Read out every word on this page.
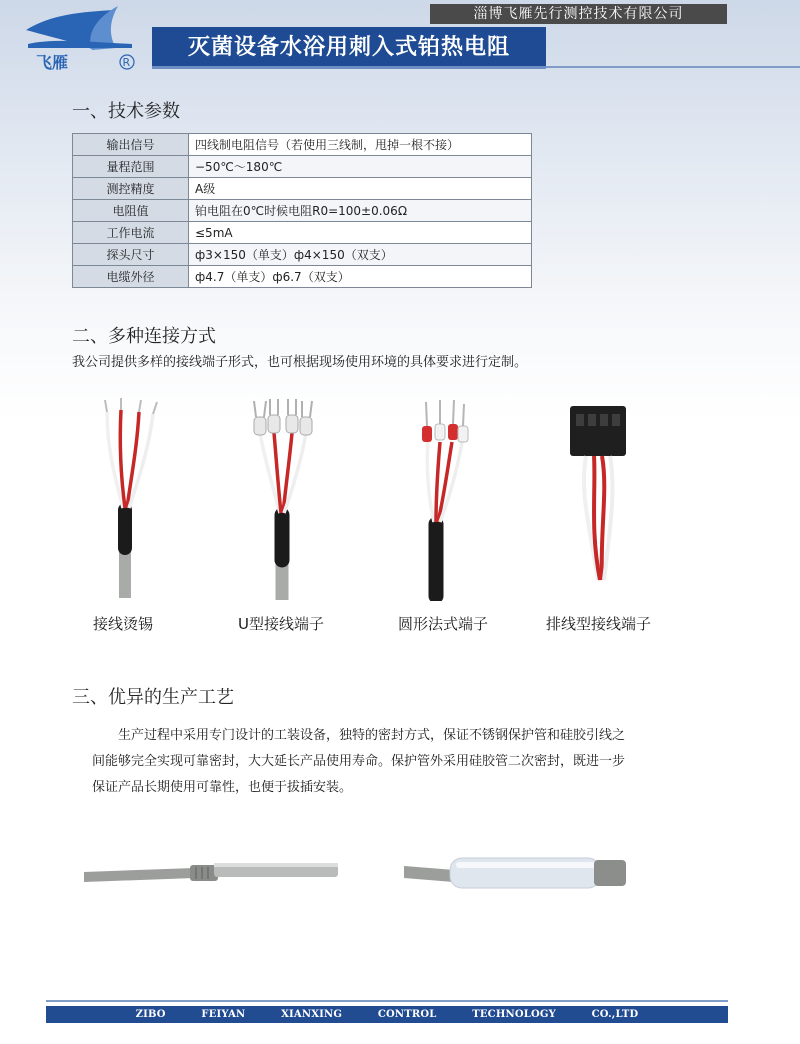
飞雁	R
淄博飞雁先行测控技术有限公司
灭菌设备水浴用刺入式铂热电阻
一、技术参数
输出信号	四线制电阻信号（若使用三线制，甩掉一根不接）
量程范围	−50℃～180℃
测控精度	A级
电阻值	铂电阻在0℃时候电阻R0=100±0.06Ω
工作电流	≤5mA
探头尺寸	ф3×150（单支）ф4×150（双支）
电缆外径	ф4.7（单支）ф6.7（双支）
二、多种连接方式
我公司提供多样的接线端子形式，也可根据现场使用环境的具体要求进行定制。
接线烫锡	U型接线端子	圆形法式端子	排线型接线端子
三、优异的生产工艺

生产过程中采用专门设计的工装设备，独特的密封方式，保证不锈钢保护管和硅胶引线之

间能够完全实现可靠密封，大大延长产品使用寿命。保护管外采用硅胶管二次密封，既进一步

保证产品长期使用可靠性，也便于拔插安装。

ZIBO FEIYAN XIANXING CONTROL TECHNOLOGY CO.,LTD
